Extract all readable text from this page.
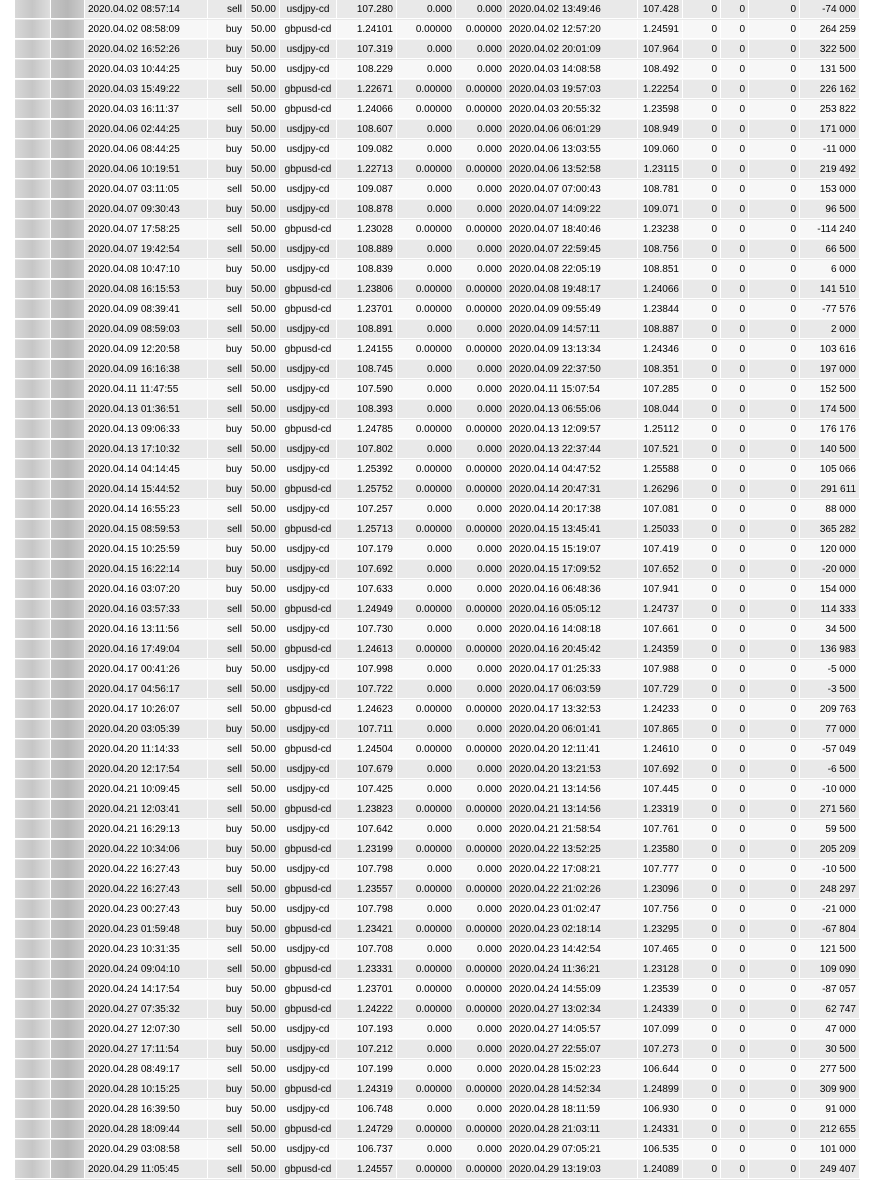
2020.04.02 08:57:14	sell 50.00	usdjpy-cd	107.280	0.000	0.000 2020.04.02 13:49:46	107.428	0	0	0	-74 000
2020.04.02 08:58:09	buy 50.00 gbpusd-cd	1.24101	0.00000	0.00000 2020.04.02 12:57:20	1.24591	0	0	0	264 259
2020.04.02 16:52:26	buy 50.00	usdjpy-cd	107.319	0.000	0.000 2020.04.02 20:01:09	107.964	0	0	0	322 500
2020.04.03 10:44:25	buy 50.00	usdjpy-cd	108.229	0.000	0.000 2020.04.03 14:08:58	108.492	0	0	0	131 500
2020.04.03 15:49:22	sell 50.00 gbpusd-cd	1.22671	0.00000	0.00000 2020.04.03 19:57:03	1.22254	0	0	0	226 162
2020.04.03 16:11:37	sell 50.00 gbpusd-cd	1.24066	0.00000	0.00000 2020.04.03 20:55:32	1.23598	0	0	0	253 822
2020.04.06 02:44:25	buy 50.00	usdjpy-cd	108.607	0.000	0.000 2020.04.06 06:01:29	108.949	0	0	0	171 000
2020.04.06 08:44:25	buy 50.00	usdjpy-cd	109.082	0.000	0.000 2020.04.06 13:03:55	109.060	0	0	0	-11 000
2020.04.06 10:19:51	buy 50.00 gbpusd-cd	1.22713	0.00000	0.00000 2020.04.06 13:52:58	1.23115	0	0	0	219 492
2020.04.07 03:11:05	sell 50.00	usdjpy-cd	109.087	0.000	0.000 2020.04.07 07:00:43	108.781	0	0	0	153 000
2020.04.07 09:30:43	buy 50.00	usdjpy-cd	108.878	0.000	0.000 2020.04.07 14:09:22	109.071	0	0	0	96 500
2020.04.07 17:58:25	sell 50.00 gbpusd-cd	1.23028	0.00000	0.00000 2020.04.07 18:40:46	1.23238	0	0	0	-114 240
2020.04.07 19:42:54	sell 50.00	usdjpy-cd	108.889	0.000	0.000 2020.04.07 22:59:45	108.756	0	0	0	66 500
2020.04.08 10:47:10	buy 50.00	usdjpy-cd	108.839	0.000	0.000 2020.04.08 22:05:19	108.851	0	0	0	6 000
2020.04.08 16:15:53	buy 50.00 gbpusd-cd	1.23806	0.00000	0.00000 2020.04.08 19:48:17	1.24066	0	0	0	141 510
2020.04.09 08:39:41	sell 50.00 gbpusd-cd	1.23701	0.00000	0.00000 2020.04.09 09:55:49	1.23844	0	0	0	-77 576
2020.04.09 08:59:03	sell 50.00	usdjpy-cd	108.891	0.000	0.000 2020.04.09 14:57:11	108.887	0	0	0	2 000
2020.04.09 12:20:58	buy 50.00 gbpusd-cd	1.24155	0.00000	0.00000 2020.04.09 13:13:34	1.24346	0	0	0	103 616
2020.04.09 16:16:38	sell 50.00	usdjpy-cd	108.745	0.000	0.000 2020.04.09 22:37:50	108.351	0	0	0	197 000
2020.04.11 11:47:55	sell 50.00	usdjpy-cd	107.590	0.000	0.000 2020.04.11 15:07:54	107.285	0	0	0	152 500
2020.04.13 01:36:51	sell 50.00	usdjpy-cd	108.393	0.000	0.000 2020.04.13 06:55:06	108.044	0	0	0	174 500
2020.04.13 09:06:33	buy 50.00 gbpusd-cd	1.24785	0.00000	0.00000 2020.04.13 12:09:57	1.25112	0	0	0	176 176
2020.04.13 17:10:32	sell 50.00	usdjpy-cd	107.802	0.000	0.000 2020.04.13 22:37:44	107.521	0	0	0	140 500
2020.04.14 04:14:45	buy 50.00	usdjpy-cd	1.25392	0.00000	0.00000 2020.04.14 04:47:52	1.25588	0	0	0	105 066
2020.04.14 15:44:52	buy 50.00 gbpusd-cd	1.25752	0.00000	0.00000 2020.04.14 20:47:31	1.26296	0	0	0	291 611
2020.04.14 16:55:23	sell 50.00	usdjpy-cd	107.257	0.000	0.000 2020.04.14 20:17:38	107.081	0	0	0	88 000
2020.04.15 08:59:53	sell 50.00 gbpusd-cd	1.25713	0.00000	0.00000 2020.04.15 13:45:41	1.25033	0	0	0	365 282
2020.04.15 10:25:59	buy 50.00	usdjpy-cd	107.179	0.000	0.000 2020.04.15 15:19:07	107.419	0	0	0	120 000
2020.04.15 16:22:14	buy 50.00	usdjpy-cd	107.692	0.000	0.000 2020.04.15 17:09:52	107.652	0	0	0	-20 000
2020.04.16 03:07:20	buy 50.00	usdjpy-cd	107.633	0.000	0.000 2020.04.16 06:48:36	107.941	0	0	0	154 000
2020.04.16 03:57:33	sell 50.00 gbpusd-cd	1.24949	0.00000	0.00000 2020.04.16 05:05:12	1.24737	0	0	0	114 333
2020.04.16 13:11:56	sell 50.00	usdjpy-cd	107.730	0.000	0.000 2020.04.16 14:08:18	107.661	0	0	0	34 500
2020.04.16 17:49:04	sell 50.00 gbpusd-cd	1.24613	0.00000	0.00000 2020.04.16 20:45:42	1.24359	0	0	0	136 983
2020.04.17 00:41:26	buy 50.00	usdjpy-cd	107.998	0.000	0.000 2020.04.17 01:25:33	107.988	0	0	0	-5 000
2020.04.17 04:56:17	sell 50.00	usdjpy-cd	107.722	0.000	0.000 2020.04.17 06:03:59	107.729	0	0	0	-3 500
2020.04.17 10:26:07	sell 50.00 gbpusd-cd	1.24623	0.00000	0.00000 2020.04.17 13:32:53	1.24233	0	0	0	209 763
2020.04.20 03:05:39	buy 50.00	usdjpy-cd	107.711	0.000	0.000 2020.04.20 06:01:41	107.865	0	0	0	77 000
2020.04.20 11:14:33	sell 50.00 gbpusd-cd	1.24504	0.00000	0.00000 2020.04.20 12:11:41	1.24610	0	0	0	-57 049
2020.04.20 12:17:54	sell 50.00	usdjpy-cd	107.679	0.000	0.000 2020.04.20 13:21:53	107.692	0	0	0	-6 500
2020.04.21 10:09:45	sell 50.00	usdjpy-cd	107.425	0.000	0.000 2020.04.21 13:14:56	107.445	0	0	0	-10 000
2020.04.21 12:03:41	sell 50.00 gbpusd-cd	1.23823	0.00000	0.00000 2020.04.21 13:14:56	1.23319	0	0	0	271 560
2020.04.21 16:29:13	buy 50.00	usdjpy-cd	107.642	0.000	0.000 2020.04.21 21:58:54	107.761	0	0	0	59 500
2020.04.22 10:34:06	buy 50.00 gbpusd-cd	1.23199	0.00000	0.00000 2020.04.22 13:52:25	1.23580	0	0	0	205 209
2020.04.22 16:27:43	buy 50.00	usdjpy-cd	107.798	0.000	0.000 2020.04.22 17:08:21	107.777	0	0	0	-10 500
2020.04.22 16:27:43	sell 50.00 gbpusd-cd	1.23557	0.00000	0.00000 2020.04.22 21:02:26	1.23096	0	0	0	248 297
2020.04.23 00:27:43	buy 50.00	usdjpy-cd	107.798	0.000	0.000 2020.04.23 01:02:47	107.756	0	0	0	-21 000
2020.04.23 01:59:48	buy 50.00 gbpusd-cd	1.23421	0.00000	0.00000 2020.04.23 02:18:14	1.23295	0	0	0	-67 804
2020.04.23 10:31:35	sell 50.00	usdjpy-cd	107.708	0.000	0.000 2020.04.23 14:42:54	107.465	0	0	0	121 500
2020.04.24 09:04:10	sell 50.00 gbpusd-cd	1.23331	0.00000	0.00000 2020.04.24 11:36:21	1.23128	0	0	0	109 090
2020.04.24 14:17:54	buy 50.00 gbpusd-cd	1.23701	0.00000	0.00000 2020.04.24 14:55:09	1.23539	0	0	0	-87 057
2020.04.27 07:35:32	buy 50.00 gbpusd-cd	1.24222	0.00000	0.00000 2020.04.27 13:02:34	1.24339	0	0	0	62 747
2020.04.27 12:07:30	sell 50.00	usdjpy-cd	107.193	0.000	0.000 2020.04.27 14:05:57	107.099	0	0	0	47 000
2020.04.27 17:11:54	buy 50.00	usdjpy-cd	107.212	0.000	0.000 2020.04.27 22:55:07	107.273	0	0	0	30 500
2020.04.28 08:49:17	sell 50.00	usdjpy-cd	107.199	0.000	0.000 2020.04.28 15:02:23	106.644	0	0	0	277 500
2020.04.28 10:15:25	buy 50.00 gbpusd-cd	1.24319	0.00000	0.00000 2020.04.28 14:52:34	1.24899	0	0	0	309 900
2020.04.28 16:39:50	buy 50.00	usdjpy-cd	106.748	0.000	0.000 2020.04.28 18:11:59	106.930	0	0	0	91 000
2020.04.28 18:09:44	sell 50.00 gbpusd-cd	1.24729	0.00000	0.00000 2020.04.28 21:03:11	1.24331	0	0	0	212 655
2020.04.29 03:08:58	sell 50.00	usdjpy-cd	106.737	0.000	0.000 2020.04.29 07:05:21	106.535	0	0	0	101 000
2020.04.29 11:05:45	sell 50.00 gbpusd-cd	1.24557	0.00000	0.00000 2020.04.29 13:19:03	1.24089	0	0	0	249 407
